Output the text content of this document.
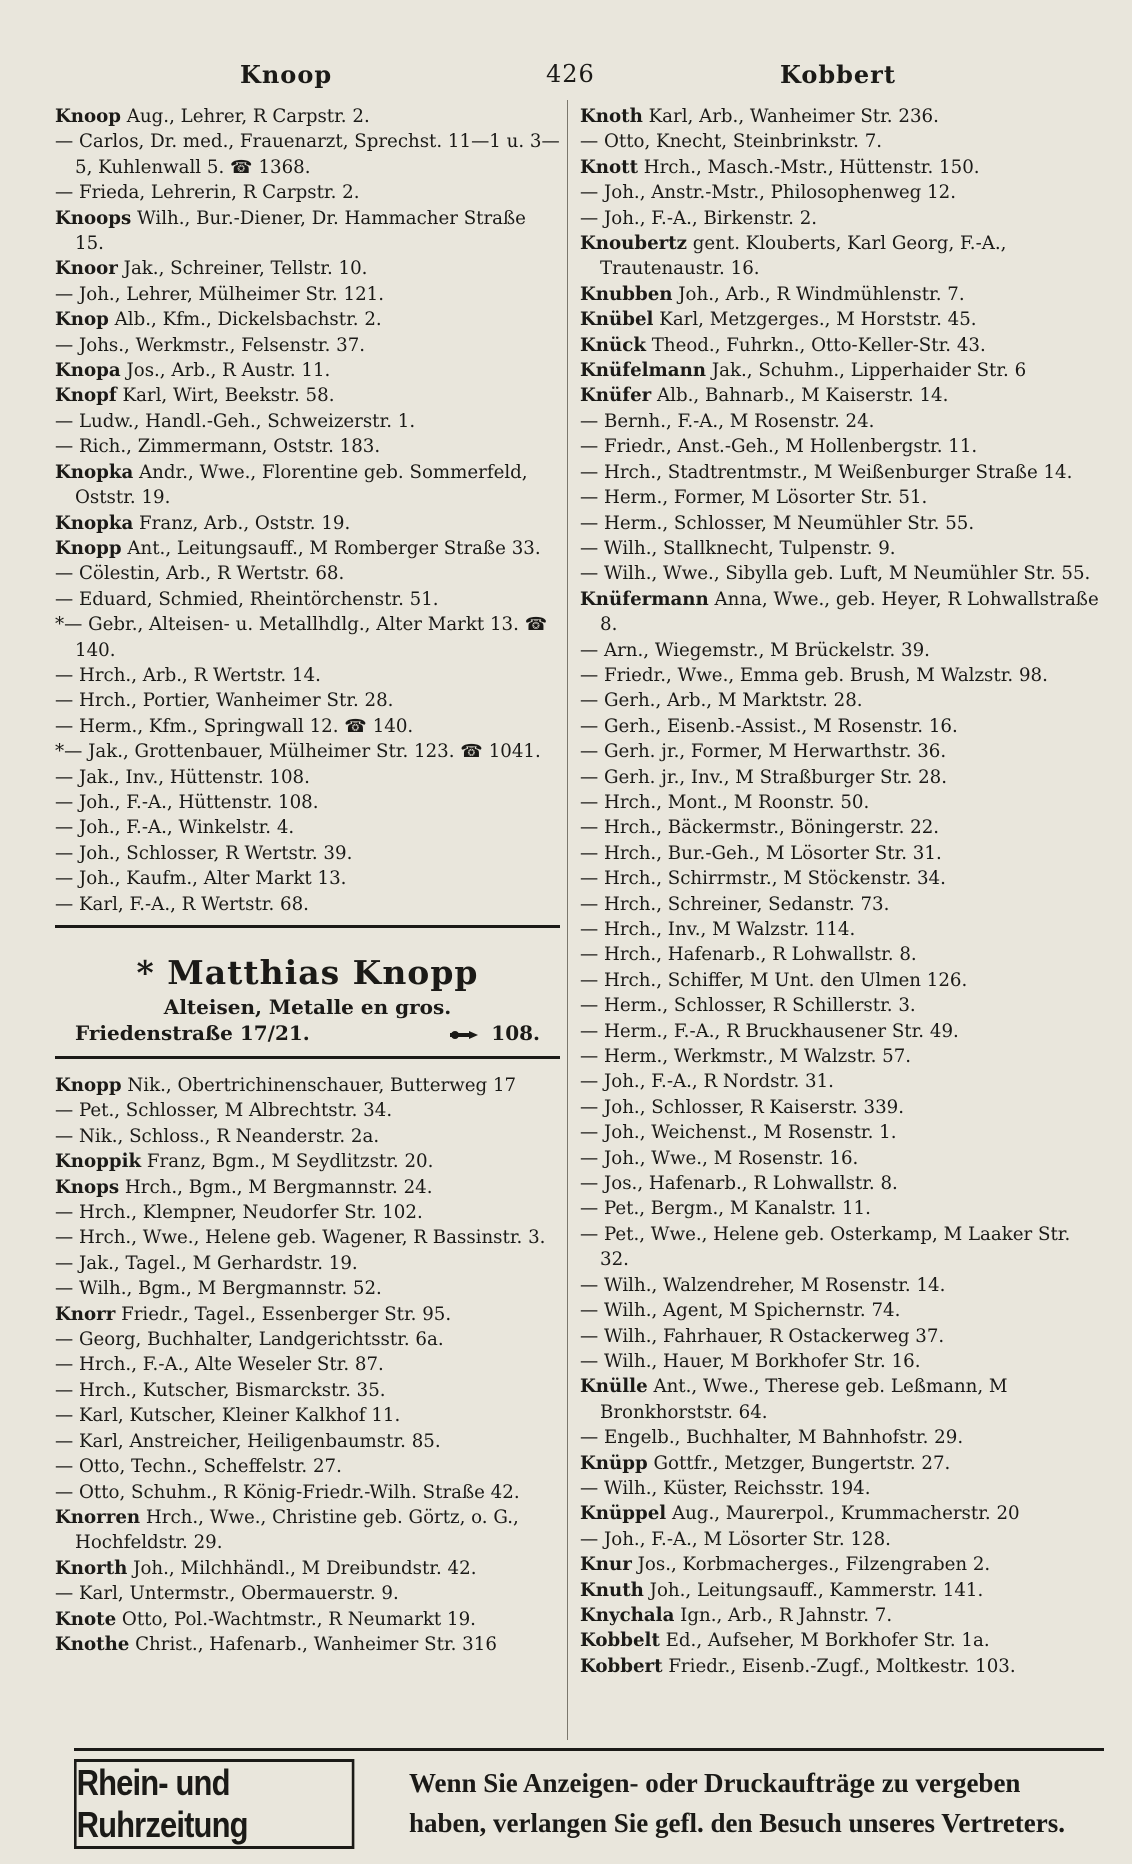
Knoop	426	Kobbert
Knoop Aug., Lehrer, R Carpstr. 2.
— Carlos, Dr. med., Frauenarzt, Sprechst. 11—1 u. 3—5, Kuhlenwall 5. ☎ 1368.
— Frieda, Lehrerin, R Carpstr. 2.
Knoops Wilh., Bur.-Diener, Dr. Hammacher Straße 15.
Knoor Jak., Schreiner, Tellstr. 10.
— Joh., Lehrer, Mülheimer Str. 121.
Knop Alb., Kfm., Dickelsbachstr. 2.
— Johs., Werkmstr., Felsenstr. 37.
Knopa Jos., Arb., R Austr. 11.
Knopf Karl, Wirt, Beekstr. 58.
— Ludw., Handl.-Geh., Schweizerstr. 1.
— Rich., Zimmermann, Oststr. 183.
Knopka Andr., Wwe., Florentine geb. Sommerfeld, Oststr. 19.
Knopka Franz, Arb., Oststr. 19.
Knopp Ant., Leitungsauff., M Romberger Straße 33.
— Cölestin, Arb., R Wertstr. 68.
— Eduard, Schmied, Rheintörchenstr. 51.
*— Gebr., Alteisen- u. Metallhdlg., Alter Markt 13. ☎ 140.
— Hrch., Arb., R Wertstr. 14.
— Hrch., Portier, Wanheimer Str. 28.
— Herm., Kfm., Springwall 12. ☎ 140.
*— Jak., Grottenbauer, Mülheimer Str. 123. ☎ 1041.
— Jak., Inv., Hüttenstr. 108.
— Joh., F.-A., Hüttenstr. 108.
— Joh., F.-A., Winkelstr. 4.
— Joh., Schlosser, R Wertstr. 39.
— Joh., Kaufm., Alter Markt 13.
— Karl, F.-A., R Wertstr. 68.
* Matthias Knopp
Alteisen, Metalle en gros.
Friedenstraße 17/21.	108.
Knopp Nik., Obertrichinenschauer, Butterweg 17
— Pet., Schlosser, M Albrechtstr. 34.
— Nik., Schloss., R Neanderstr. 2a.
Knoppik Franz, Bgm., M Seydlitzstr. 20.
Knops Hrch., Bgm., M Bergmannstr. 24.
— Hrch., Klempner, Neudorfer Str. 102.
— Hrch., Wwe., Helene geb. Wagener, R Bassinstr. 3.
— Jak., Tagel., M Gerhardstr. 19.
— Wilh., Bgm., M Bergmannstr. 52.
Knorr Friedr., Tagel., Essenberger Str. 95.
— Georg, Buchhalter, Landgerichtsstr. 6a.
— Hrch., F.-A., Alte Weseler Str. 87.
— Hrch., Kutscher, Bismarckstr. 35.
— Karl, Kutscher, Kleiner Kalkhof 11.
— Karl, Anstreicher, Heiligenbaumstr. 85.
— Otto, Techn., Scheffelstr. 27.
— Otto, Schuhm., R König-Friedr.-Wilh. Straße 42.
Knorren Hrch., Wwe., Christine geb. Görtz, o. G., Hochfeldstr. 29.
Knorth Joh., Milchhändl., M Dreibundstr. 42.
— Karl, Untermstr., Obermauerstr. 9.
Knote Otto, Pol.-Wachtmstr., R Neumarkt 19.
Knothe Christ., Hafenarb., Wanheimer Str. 316
Knoth Karl, Arb., Wanheimer Str. 236.
— Otto, Knecht, Steinbrinkstr. 7.
Knott Hrch., Masch.-Mstr., Hüttenstr. 150.
— Joh., Anstr.-Mstr., Philosophenweg 12.
— Joh., F.-A., Birkenstr. 2.
Knoubertz gent. Klouberts, Karl Georg, F.-A., Trautenaustr. 16.
Knubben Joh., Arb., R Windmühlenstr. 7.
Knübel Karl, Metzgerges., M Horststr. 45.
Knück Theod., Fuhrkn., Otto-Keller-Str. 43.
Knüfelmann Jak., Schuhm., Lipperhaider Str. 6
Knüfer Alb., Bahnarb., M Kaiserstr. 14.
— Bernh., F.-A., M Rosenstr. 24.
— Friedr., Anst.-Geh., M Hollenbergstr. 11.
— Hrch., Stadtrentmstr., M Weißenburger Straße 14.
— Herm., Former, M Lösorter Str. 51.
— Herm., Schlosser, M Neumühler Str. 55.
— Wilh., Stallknecht, Tulpenstr. 9.
— Wilh., Wwe., Sibylla geb. Luft, M Neumühler Str. 55.
Knüfermann Anna, Wwe., geb. Heyer, R Lohwallstraße 8.
— Arn., Wiegemstr., M Brückelstr. 39.
— Friedr., Wwe., Emma geb. Brush, M Walzstr. 98.
— Gerh., Arb., M Marktstr. 28.
— Gerh., Eisenb.-Assist., M Rosenstr. 16.
— Gerh. jr., Former, M Herwarthstr. 36.
— Gerh. jr., Inv., M Straßburger Str. 28.
— Hrch., Mont., M Roonstr. 50.
— Hrch., Bäckermstr., Böningerstr. 22.
— Hrch., Bur.-Geh., M Lösorter Str. 31.
— Hrch., Schirrmstr., M Stöckenstr. 34.
— Hrch., Schreiner, Sedanstr. 73.
— Hrch., Inv., M Walzstr. 114.
— Hrch., Hafenarb., R Lohwallstr. 8.
— Hrch., Schiffer, M Unt. den Ulmen 126.
— Herm., Schlosser, R Schillerstr. 3.
— Herm., F.-A., R Bruckhausener Str. 49.
— Herm., Werkmstr., M Walzstr. 57.
— Joh., F.-A., R Nordstr. 31.
— Joh., Schlosser, R Kaiserstr. 339.
— Joh., Weichenst., M Rosenstr. 1.
— Joh., Wwe., M Rosenstr. 16.
— Jos., Hafenarb., R Lohwallstr. 8.
— Pet., Bergm., M Kanalstr. 11.
— Pet., Wwe., Helene geb. Osterkamp, M Laaker Str. 32.
— Wilh., Walzendreher, M Rosenstr. 14.
— Wilh., Agent, M Spichernstr. 74.
— Wilh., Fahrhauer, R Ostackerweg 37.
— Wilh., Hauer, M Borkhofer Str. 16.
Knülle Ant., Wwe., Therese geb. Leßmann, M Bronkhorststr. 64.
— Engelb., Buchhalter, M Bahnhofstr. 29.
Knüpp Gottfr., Metzger, Bungertstr. 27.
— Wilh., Küster, Reichsstr. 194.
Knüppel Aug., Maurerpol., Krummacherstr. 20
— Joh., F.-A., M Lösorter Str. 128.
Knur Jos., Korbmacherges., Filzengraben 2.
Knuth Joh., Leitungsauff., Kammerstr. 141.
Knychala Ign., Arb., R Jahnstr. 7.
Kobbelt Ed., Aufseher, M Borkhofer Str. 1a.
Kobbert Friedr., Eisenb.-Zugf., Moltkestr. 103.
Rhein- und Ruhrzeitung
Wenn Sie Anzeigen- oder Druckaufträge zu vergeben
haben, verlangen Sie gefl. den Besuch unseres Vertreters.
